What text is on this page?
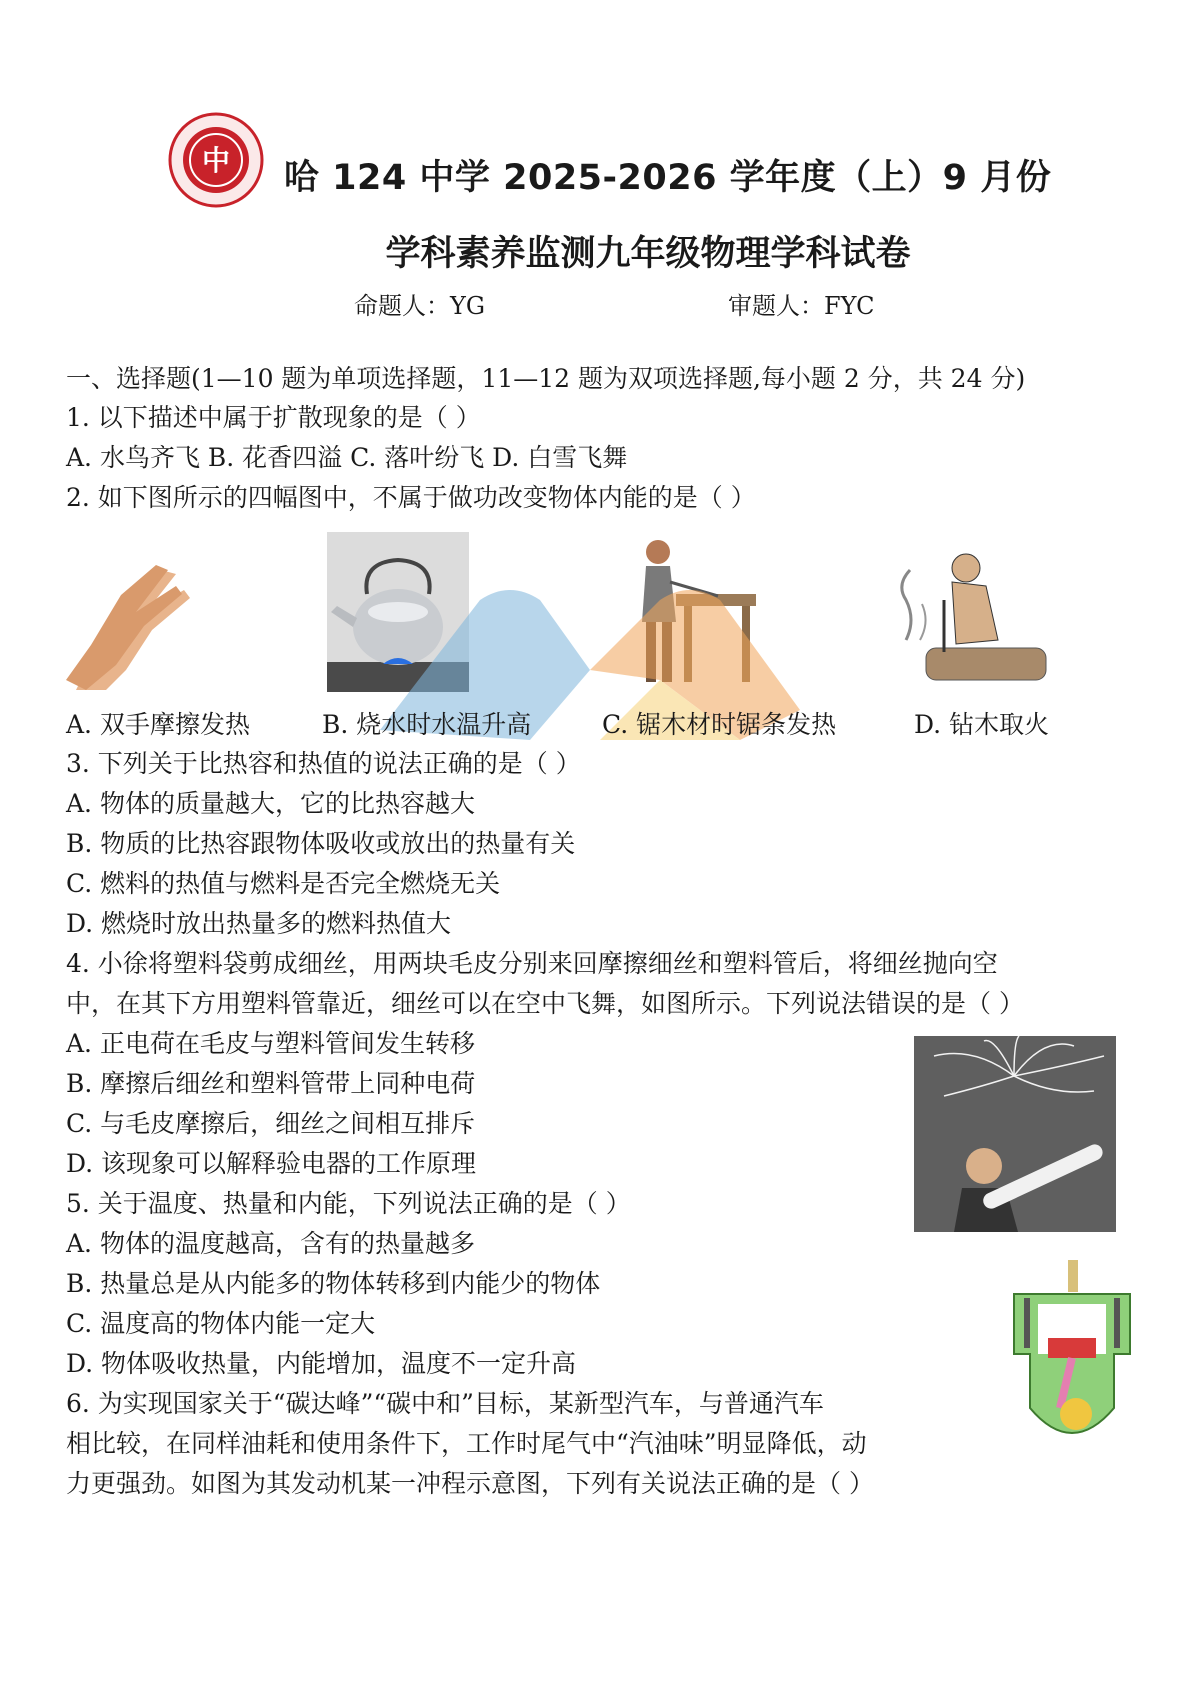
中 哈 124 中学 2025-2026 学年度（上）9 月份
学科素养监测九年级物理学科试卷
命题人：YG	审题人：FYC
一、选择题(1—10 题为单项选择题，11—12 题为双项选择题,每小题 2 分，共 24 分)
1. 以下描述中属于扩散现象的是（ ）
A. 水鸟齐飞 B. 花香四溢 C. 落叶纷飞 D. 白雪飞舞
2. 如下图所示的四幅图中，不属于做功改变物体内能的是（ ）
A. 双手摩擦发热	B. 烧水时水温升高	C. 锯木材时锯条发热	D. 钻木取火
3. 下列关于比热容和热值的说法正确的是（ ）
A. 物体的质量越大，它的比热容越大
B. 物质的比热容跟物体吸收或放出的热量有关
C. 燃料的热值与燃料是否完全燃烧无关
D. 燃烧时放出热量多的燃料热值大
4. 小徐将塑料袋剪成细丝，用两块毛皮分别来回摩擦细丝和塑料管后，将细丝抛向空
中，在其下方用塑料管靠近，细丝可以在空中飞舞，如图所示。下列说法错误的是（ ）
A. 正电荷在毛皮与塑料管间发生转移
B. 摩擦后细丝和塑料管带上同种电荷
C. 与毛皮摩擦后，细丝之间相互排斥
D. 该现象可以解释验电器的工作原理
5. 关于温度、热量和内能，下列说法正确的是（ ）
A. 物体的温度越高，含有的热量越多
B. 热量总是从内能多的物体转移到内能少的物体
C. 温度高的物体内能一定大
D. 物体吸收热量，内能增加，温度不一定升高
6. 为实现国家关于“碳达峰”“碳中和”目标，某新型汽车，与普通汽车
相比较，在同样油耗和使用条件下，工作时尾气中“汽油味”明显降低，动
力更强劲。如图为其发动机某一冲程示意图，下列有关说法正确的是（ ）
